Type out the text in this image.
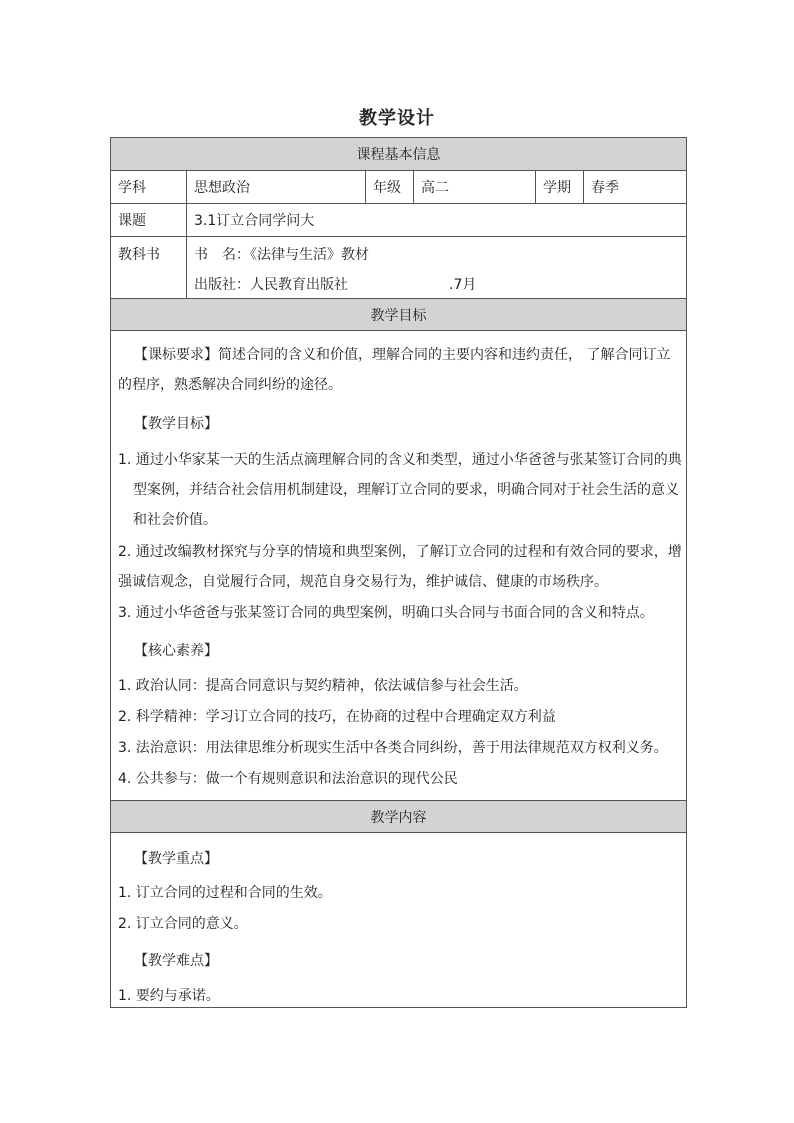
教学设计
课程基本信息
学科	思想政治	年级	高二	学期	春季
课题	3.1订立合同学问大
教科书	书　名：《法律与生活》教材
出版社：人民教育出版社	.7月
教学目标
【课标要求】简述合同的含义和价值，理解合同的主要内容和违约责任， 了解合同订立
的程序，熟悉解决合同纠纷的途径。
【教学目标】
1. 通过小华家某一天的生活点滴理解合同的含义和类型，通过小华爸爸与张某签订合同的典
型案例，并结合社会信用机制建设，理解订立合同的要求，明确合同对于社会生活的意义
和社会价值。
2. 通过改编教材探究与分享的情境和典型案例，了解订立合同的过程和有效合同的要求，增
强诚信观念，自觉履行合同，规范自身交易行为，维护诚信、健康的市场秩序。
3. 通过小华爸爸与张某签订合同的典型案例，明确口头合同与书面合同的含义和特点。
【核心素养】
1. 政治认同：提高合同意识与契约精神，依法诚信参与社会生活。
2. 科学精神：学习订立合同的技巧，在协商的过程中合理确定双方利益
3. 法治意识：用法律思维分析现实生活中各类合同纠纷，善于用法律规范双方权利义务。
4. 公共参与：做一个有规则意识和法治意识的现代公民
教学内容
【教学重点】
1. 订立合同的过程和合同的生效。
2. 订立合同的意义。
【教学难点】
1. 要约与承诺。
